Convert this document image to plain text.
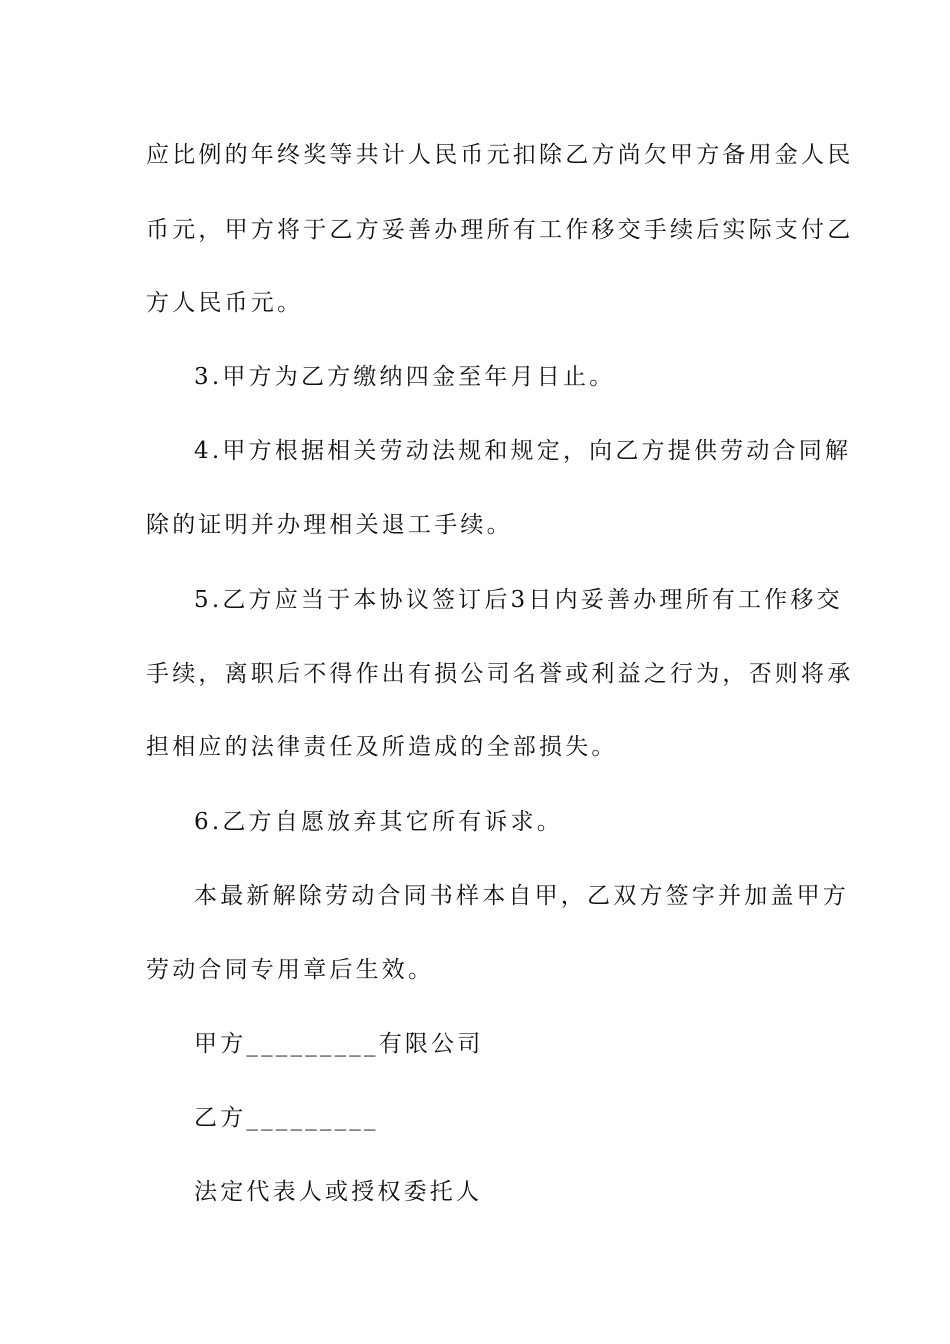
应比例的年终奖等共计人民币元扣除乙方尚欠甲方备用金人民
币元，甲方将于乙方妥善办理所有工作移交手续后实际支付乙
方人民币元。
3.甲方为乙方缴纳四金至年月日止。
4.甲方根据相关劳动法规和规定，向乙方提供劳动合同解
除的证明并办理相关退工手续。
5.乙方应当于本协议签订后3日内妥善办理所有工作移交
手续，离职后不得作出有损公司名誉或利益之行为，否则将承
担相应的法律责任及所造成的全部损失。
6.乙方自愿放弃其它所有诉求。
本最新解除劳动合同书样本自甲，乙双方签字并加盖甲方
劳动合同专用章后生效。
甲方_________有限公司
乙方_________
法定代表人或授权委托人
